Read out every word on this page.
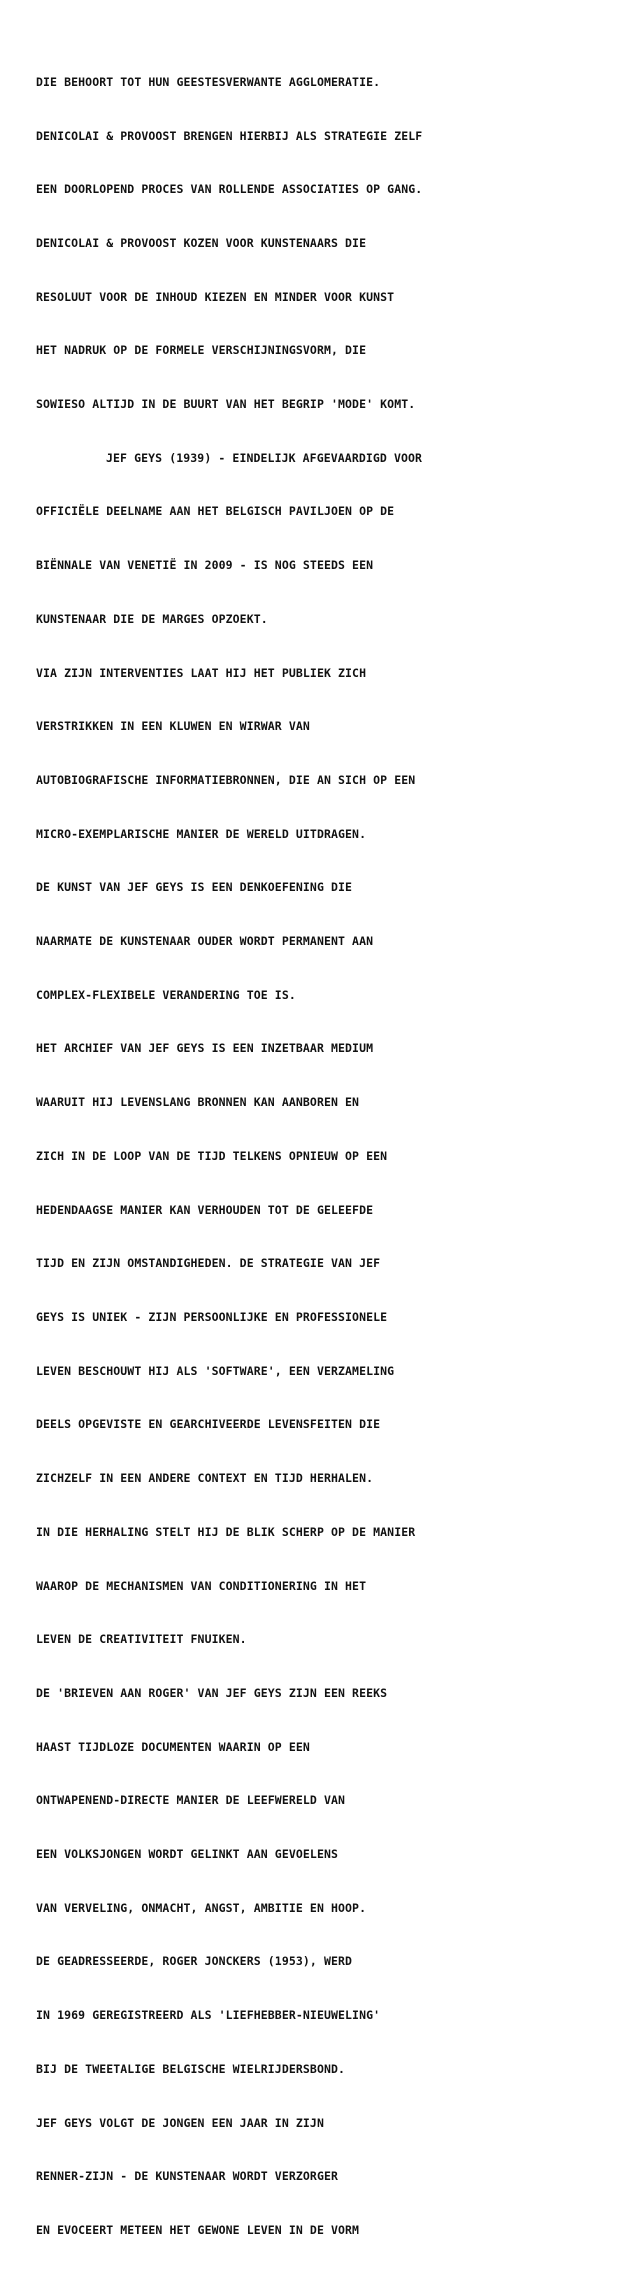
DIE BEHOORT TOT HUN GEESTESVERWANTE AGGLOMERATIE.

DENICOLAI & PROVOOST BRENGEN HIERBIJ ALS STRATEGIE ZELF

EEN DOORLOPEND PROCES VAN ROLLENDE ASSOCIATIES OP GANG.

DENICOLAI & PROVOOST KOZEN VOOR KUNSTENAARS DIE

RESOLUUT VOOR DE INHOUD KIEZEN EN MINDER VOOR KUNST

HET NADRUK OP DE FORMELE VERSCHIJNINGSVORM, DIE

SOWIESO ALTIJD IN DE BUURT VAN HET BEGRIP 'MODE' KOMT.

JEF GEYS (1939) - EINDELIJK AFGEVAARDIGD VOOR

OFFICIËLE DEELNAME AAN HET BELGISCH PAVILJOEN OP DE

BIËNNALE VAN VENETIË IN 2009 - IS NOG STEEDS EEN

KUNSTENAAR DIE DE MARGES OPZOEKT.

VIA ZIJN INTERVENTIES LAAT HIJ HET PUBLIEK ZICH

VERSTRIKKEN IN EEN KLUWEN EN WIRWAR VAN

AUTOBIOGRAFISCHE INFORMATIEBRONNEN, DIE AN SICH OP EEN

MICRO-EXEMPLARISCHE MANIER DE WERELD UITDRAGEN.

DE KUNST VAN JEF GEYS IS EEN DENKOEFENING DIE

NAARMATE DE KUNSTENAAR OUDER WORDT PERMANENT AAN

COMPLEX-FLEXIBELE VERANDERING TOE IS.

HET ARCHIEF VAN JEF GEYS IS EEN INZETBAAR MEDIUM

WAARUIT HIJ LEVENSLANG BRONNEN KAN AANBOREN EN

ZICH IN DE LOOP VAN DE TIJD TELKENS OPNIEUW OP EEN

HEDENDAAGSE MANIER KAN VERHOUDEN TOT DE GELEEFDE

TIJD EN ZIJN OMSTANDIGHEDEN. DE STRATEGIE VAN JEF

GEYS IS UNIEK - ZIJN PERSOONLIJKE EN PROFESSIONELE

LEVEN BESCHOUWT HIJ ALS 'SOFTWARE', EEN VERZAMELING

DEELS OPGEVISTE EN GEARCHIVEERDE LEVENSFEITEN DIE

ZICHZELF IN EEN ANDERE CONTEXT EN TIJD HERHALEN.

IN DIE HERHALING STELT HIJ DE BLIK SCHERP OP DE MANIER

WAAROP DE MECHANISMEN VAN CONDITIONERING IN HET

LEVEN DE CREATIVITEIT FNUIKEN.

DE 'BRIEVEN AAN ROGER' VAN JEF GEYS ZIJN EEN REEKS

HAAST TIJDLOZE DOCUMENTEN WAARIN OP EEN

ONTWAPENEND-DIRECTE MANIER DE LEEFWERELD VAN

EEN VOLKSJONGEN WORDT GELINKT AAN GEVOELENS

VAN VERVELING, ONMACHT, ANGST, AMBITIE EN HOOP.

DE GEADRESSEERDE, ROGER JONCKERS (1953), WERD

IN 1969 GEREGISTREERD ALS 'LIEFHEBBER-NIEUWELING'

BIJ DE TWEETALIGE BELGISCHE WIELRIJDERSBOND.

JEF GEYS VOLGT DE JONGEN EEN JAAR IN ZIJN

RENNER-ZIJN - DE KUNSTENAAR WORDT VERZORGER

EN EVOCEERT METEEN HET GEWONE LEVEN IN DE VORM
